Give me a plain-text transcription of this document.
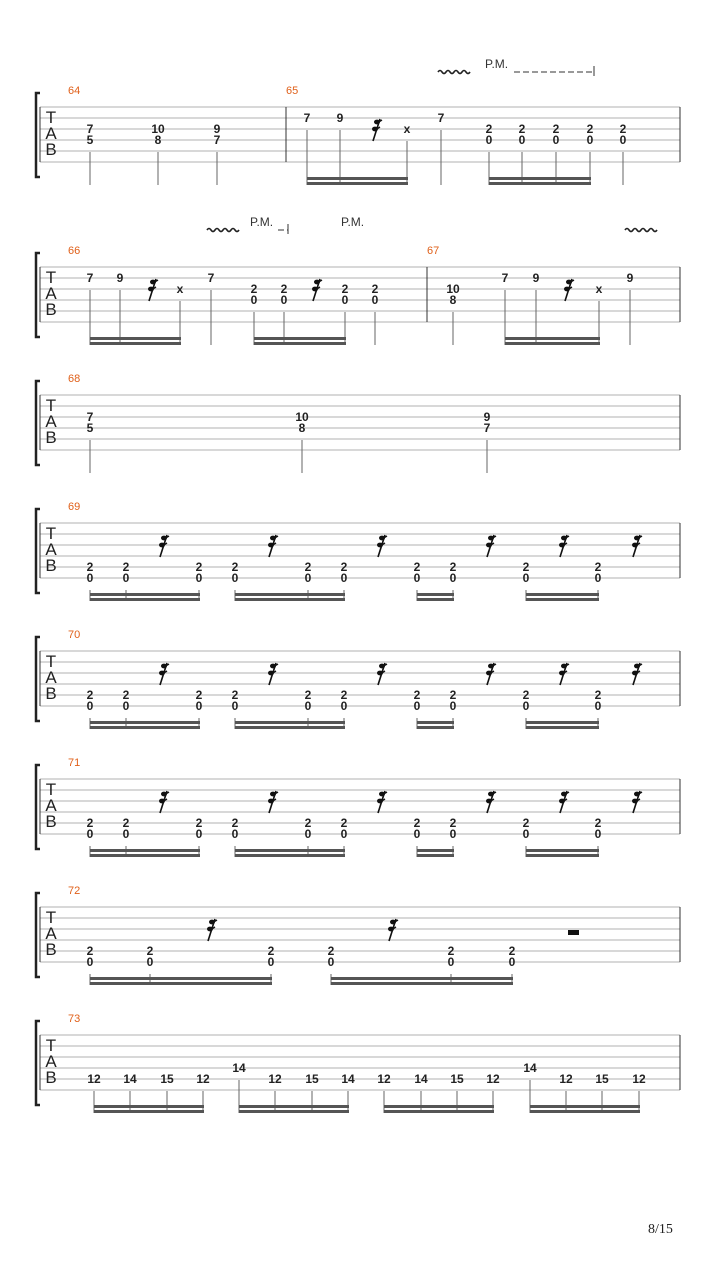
T
A
B
64	65
7
5
10
8
9
7
7 9
x
7
2
0
2
0
2
0
2
0
2
0
P.M.
T
A
B
66	67
7 9
x
7
2
0
2
0
2
0
2
0
10
8
7 9
x
9
P.M.	P.M.
T
A
B
68
7
5
10
8
9
7
T
A
B
69
2
0
2
0
2
0
2
0
2
0
2
0
2
0
2
0
2
0
2
0
T
A
B
70
2
0
2
0
2
0
2
0
2
0
2
0
2
0
2
0
2
0
2
0
T
A
B
71
2
0
2
0
2
0
2
0
2
0
2
0
2
0
2
0
2
0
2
0
T
A
B
72
2
0
2
0
2
0
2
0
2
0
2
0
T
A
B
73
12 14 15 12
14
12 15 14 12 14 15 12
14
12 15 12
8/15
